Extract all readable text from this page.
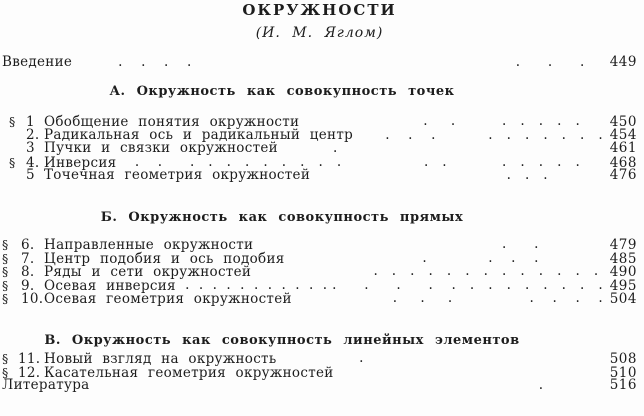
ОКРУЖНОСТИ
(И. М. Яглом)
Введение .    .    .    .	.      .      . 449
А. Окружность как совокупность точек
§ 1 Обобщение понятия окружности .     .	.   .   .   .   . 450
2. Радикальная ось и радикальный центр .    .    .	.   .   .   .   .   .   . 454
3 Пучки и связки окружностей .	461
§ 4. Инверсия .    .      .   .   .   .   .   .   .   .   .	.   .            .   .   .   .   . 468
5 Точечная геометрия окружностей	.   .   . 476
Б. Окружность как совокупность прямых
§ 6. Направленные окружности	.      . 479
§ 7. Центр подобия и ось подобия .	.    .    . 485
§ 8. Ряды и сети окружностей	.   .   .   .   .   .   .   .   .   .   .   .   . 490
§ 9. Осевая инверсия .  .  .  .  .  .  .  .  .  .  . .      .      .      .    .   .   .   .   .   .   .   .   . 495
§ 10. Осевая геометрия окружностей .     .     .	.    .    .    . 504
В. Окружность как совокупность линейных элементов
§ 11. Новый взгляд на окружность .	508
§ 12. Касательная геометрия окружностей	510
Литература	. 516
